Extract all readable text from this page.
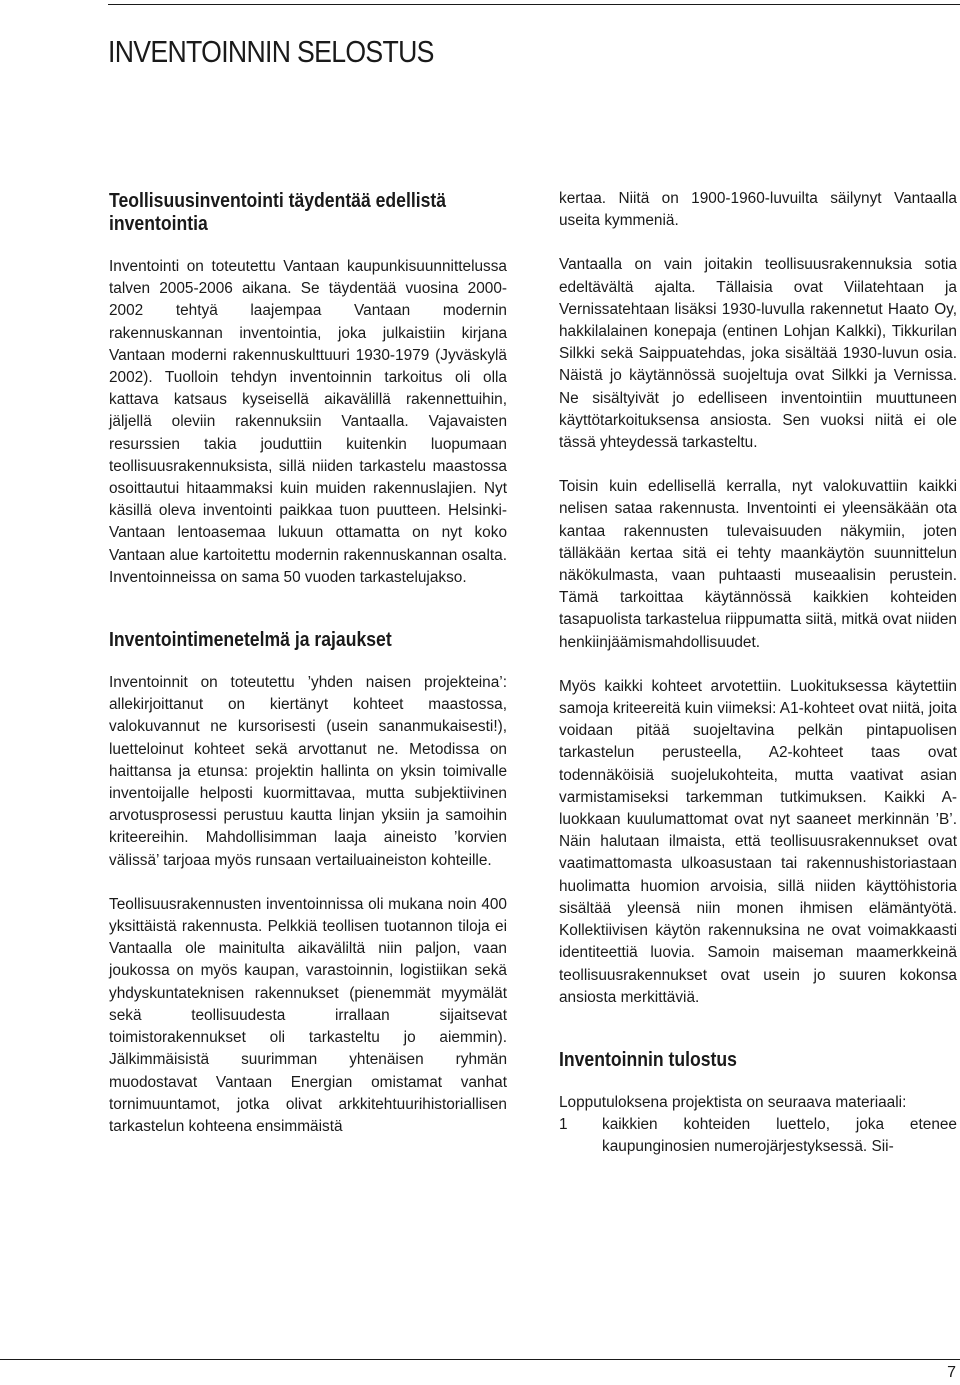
INVENTOINNIN SELOSTUS
Teollisuusinventointi täydentää edellistä inventointia

Inventointi on toteutettu Vantaan kaupunkisuunnittelussa talven 2005-2006 aikana. Se täydentää vuosina 2000-2002 tehtyä laajempaa Vantaan modernin rakennuskannan inventointia, joka julkaistiin kirjana Vantaan moderni rakennuskulttuuri 1930-1979 (Jyväskylä 2002). Tuolloin tehdyn inventoinnin tarkoitus oli olla kattava katsaus kyseisellä aikavälillä rakennettuihin, jäljellä oleviin rakennuksiin Vantaalla. Vajavaisten resurssien takia jouduttiin kuitenkin luopumaan teollisuusrakennuksista, sillä niiden tarkastelu maastossa osoittautui hitaammaksi kuin muiden rakennuslajien. Nyt käsillä oleva inventointi paikkaa tuon puutteen. Helsinki-Vantaan lentoasemaa lukuun ottamatta on nyt koko Vantaan alue kartoitettu modernin rakennuskannan osalta. Inventoinneissa on sama 50 vuoden tarkastelujakso.

Inventointimenetelmä ja rajaukset

Inventoinnit on toteutettu ’yhden naisen projekteina’: allekirjoittanut on kiertänyt kohteet maastossa, valokuvannut ne kursorisesti (usein sananmukaisesti!), luetteloinut kohteet sekä arvottanut ne. Metodissa on haittansa ja etunsa: projektin hallinta on yksin toimivalle inventoijalle helposti kuormittavaa, mutta subjektiivinen arvotusprosessi perustuu kautta linjan yksiin ja samoihin kriteereihin. Mahdollisimman laaja aineisto ’korvien välissä’ tarjoaa myös runsaan vertailuaineiston kohteille.

Teollisuusrakennusten inventoinnissa oli mukana noin 400 yksittäistä rakennusta. Pelkkiä teollisen tuotannon tiloja ei Vantaalla ole mainitulta aikaväliltä niin paljon, vaan joukossa on myös kaupan, varastoinnin, logistiikan sekä yhdyskuntateknisen rakennukset (pienemmät myymälät sekä teollisuudesta irrallaan sijaitsevat toimistorakennukset oli tarkasteltu jo aiemmin). Jälkimmäisistä suurimman yhtenäisen ryhmän muodostavat Vantaan Energian omistamat vanhat tornimuuntamot, jotka olivat arkkitehtuurihistoriallisen tarkastelun kohteena ensimmäistä

kertaa. Niitä on 1900-1960-luvuilta säilynyt Vantaalla useita kymmeniä.

Vantaalla on vain joitakin teollisuusrakennuksia sotia edeltävältä ajalta. Tällaisia ovat Viilatehtaan ja Vernissatehtaan lisäksi 1930-luvulla rakennetut Haato Oy, hakkilalainen konepaja (entinen Lohjan Kalkki), Tikkurilan Silkki sekä Saippuatehdas, joka sisältää 1930-luvun osia. Näistä jo käytännössä suojeltuja ovat Silkki ja Vernissa. Ne sisältyivät jo edelliseen inventointiin muuttuneen käyttötarkoituksensa ansiosta. Sen vuoksi niitä ei ole tässä yhteydessä tarkasteltu.

Toisin kuin edellisellä kerralla, nyt valokuvattiin kaikki nelisen sataa rakennusta. Inventointi ei yleensäkään ota kantaa rakennusten tulevaisuuden näkymiin, joten tälläkään kertaa sitä ei tehty maankäytön suunnittelun näkökulmasta, vaan puhtaasti museaalisin perustein. Tämä tarkoittaa käytännössä kaikkien kohteiden tasapuolista tarkastelua riippumatta siitä, mitkä ovat niiden henkiinjäämismahdollisuudet.

Myös kaikki kohteet arvotettiin. Luokituksessa käytettiin samoja kriteereitä kuin viimeksi: A1-kohteet ovat niitä, joita voidaan pitää suojeltavina pelkän pintapuolisen tarkastelun perusteella, A2-kohteet taas ovat todennäköisiä suojelukohteita, mutta vaativat asian varmistamiseksi tarkemman tutkimuksen. Kaikki A-luokkaan kuulumattomat ovat nyt saaneet merkinnän ’B’. Näin halutaan ilmaista, että teollisuusrakennukset ovat vaatimattomasta ulkoasustaan tai rakennushistoriastaan huolimatta huomion arvoisia, sillä niiden käyttöhistoria sisältää yleensä niin monen ihmisen elämäntyötä. Kollektiivisen käytön rakennuksina ne ovat voimakkaasti identiteettiä luovia. Samoin maiseman maamerkkeinä teollisuusrakennukset ovat usein jo suuren kokonsa ansiosta merkittäviä.

Inventoinnin tulostus

Lopputuloksena projektista on seuraava materiaali:

1	kaikkien kohteiden luettelo, joka etenee kaupunginosien numerojärjestyksessä. Sii-
7
